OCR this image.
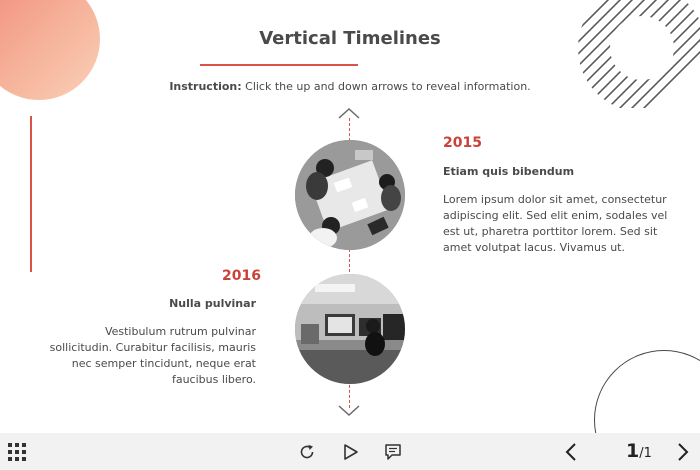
Vertical Timelines
Instruction: Click the up and down arrows to reveal information.
2015
Etiam quis bibendum
Lorem ipsum dolor sit amet, consectetur adipiscing elit. Sed elit enim, sodales vel est ut, pharetra porttitor lorem. Sed sit amet volutpat lacus. Vivamus ut.
2016
Nulla pulvinar
Vestibulum rutrum pulvinar sollicitudin. Curabitur facilisis, mauris nec semper tincidunt, neque erat faucibus libero.
1/1
